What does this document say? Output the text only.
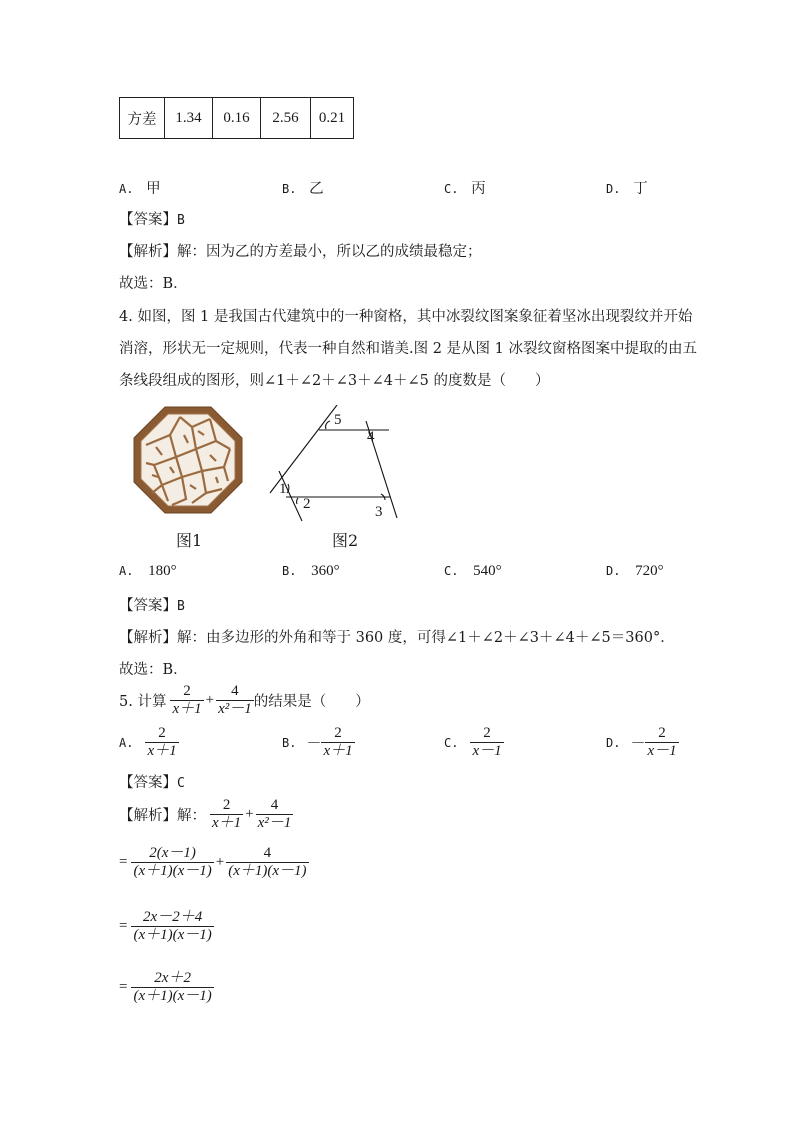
方差	1.34	0.16	2.56	0.21
A. 甲	B. 乙	C. 丙	D. 丁
【答案】B
【解析】解：因为乙的方差最小，所以乙的成绩最稳定；
故选：B．
4. 如图，图 1 是我国古代建筑中的一种窗格，其中冰裂纹图案象征着坚冰出现裂纹并开始
消溶，形状无一定规则，代表一种自然和谐美.图 2 是从图 1 冰裂纹窗格图案中提取的由五
条线段组成的图形，则∠1＋∠2＋∠3＋∠4＋∠5 的度数是（　　）
图1
1
2	3
4
5
图2
A. 180°	B. 360°	C. 540°	D. 720°
【答案】B
【解析】解：由多边形的外角和等于 360 度，可得∠1＋∠2＋∠3＋∠4＋∠5＝360°．
故选：B．
5. 计算 $\frac{2}{x+1} + \frac{4}{\text{x²－1}}$ 的结果是（　　）
A. $\frac{2}{x+1}$	B. － $\frac{2}{x+1}$	C. $\frac{2}{x-1}$	D. － $\frac{2}{x-1}$
【答案】C
【解析】 解： $\frac{2}{x+1} + \frac{4}{\text{x²－1}}$
= $\frac{2(x-1)}{(x+1)(x-1)} + \frac{4}{(x+1)(x-1)}$
= $\frac{2x-2+4}{(x+1)(x-1)}$
= $\frac{2x+2}{(x+1)(x-1)}$
